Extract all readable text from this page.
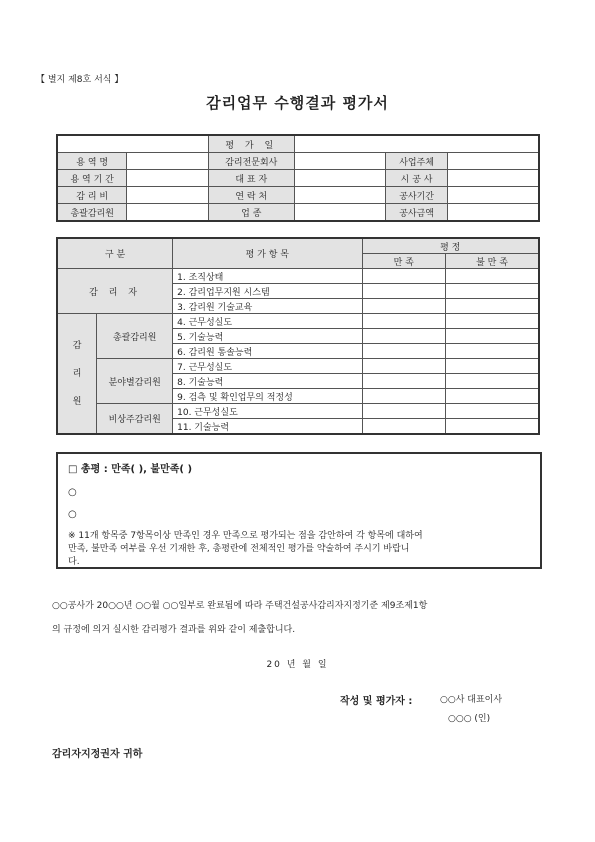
【 별지 제8호 서식 】
감리업무 수행결과 평가서
		평 가 일			
용 역 명		감리전문회사		사업주체	
용 역 기 간		대 표 자		시 공 사	
감 리 비		연 락 처		공사기간	
총괄감리원		업 종		공사금액	
구 분		평 가 항 목	평 정	
			만 족	불 만 족
감 리 자		1. 조직상태		
		2. 감리업무지원 시스템		
		3. 감리원 기술교육		

감
리
원	총괄감리원	4. 근무성실도		
		5. 기술능력		
		6. 감리원 통솔능력		
	분야별감리원	7. 근무성실도		
		8. 기술능력		
		9. 검측 및 확인업무의 적정성		
	비상주감리원	10. 근무성실도		
		11. 기술능력		
□ 총평 : 만족( ), 불만족( )
○
○
※ 11개 항목중 7항목이상 만족인 경우 만족으로 평가되는 점을 감안하여 각 항목에 대하여
만족, 불만족 여부를 우선 기재한 후, 총평란에 전체적인 평가를 약술하여 주시기 바랍니
다.
○○공사가 20○○년 ○○월 ○○일부로 완료됨에 따라 주택건설공사감리자지정기준 제9조제1항
의 규정에 의거 실시한 감리평가 결과를 위와 같이 제출합니다.
20 년 월 일
작성 및 평가자 :	○○사 대표이사
○○○ (인)
감리자지정권자 귀하
